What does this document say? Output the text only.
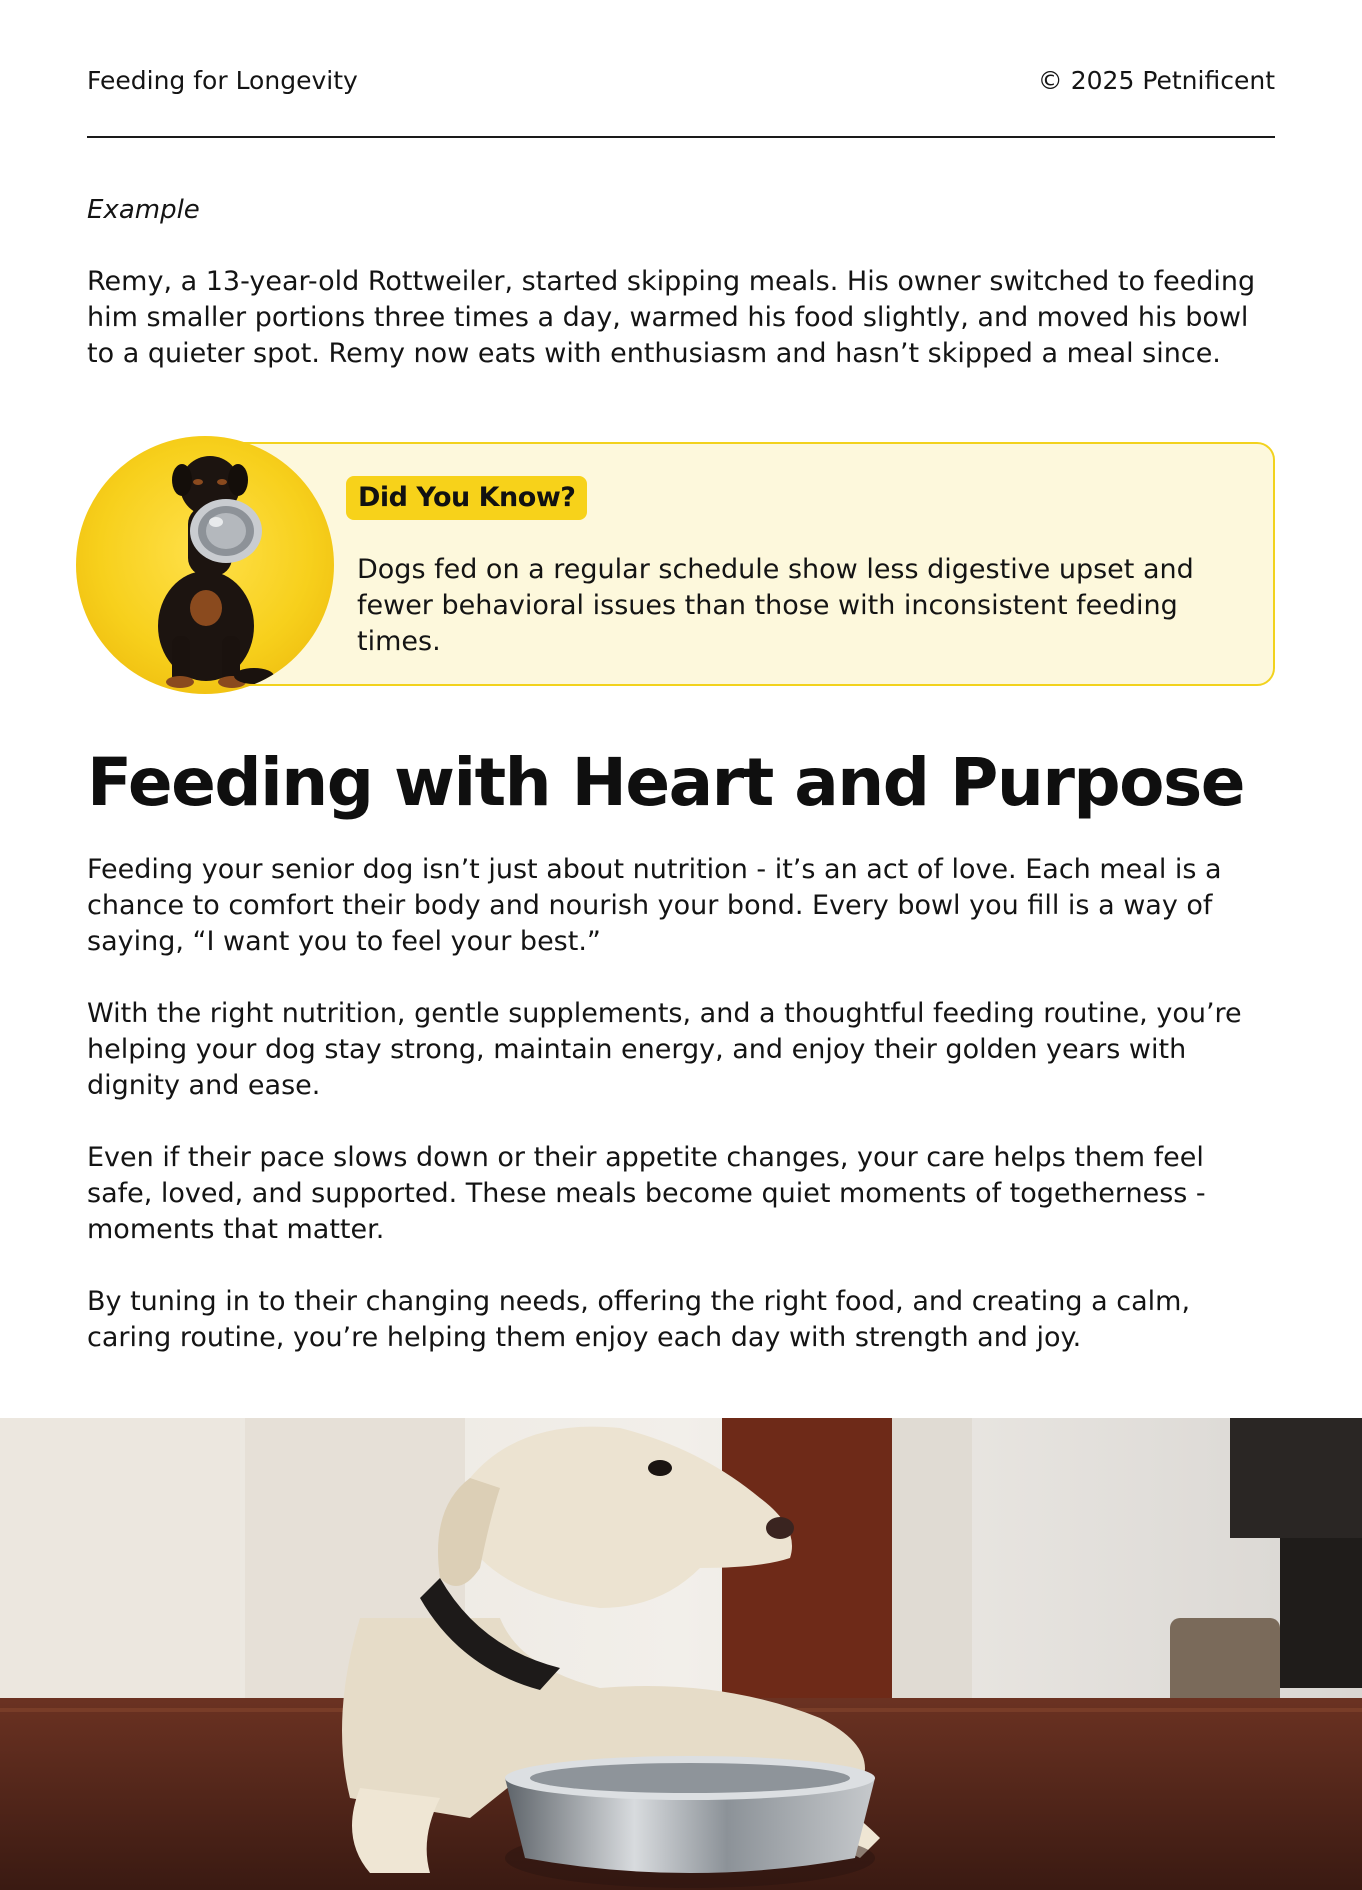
Feeding for Longevity	© 2025 Petnificent
Example
Remy, a 13-year-old Rottweiler, started skipping meals. His owner switched to feeding him smaller portions three times a day, warmed his food slightly, and moved his bowl to a quieter spot. Remy now eats with enthusiasm and hasn’t skipped a meal since.
Did You Know?
Dogs fed on a regular schedule show less digestive upset and fewer behavioral issues than those with inconsistent feeding times.
Feeding with Heart and Purpose
Feeding your senior dog isn’t just about nutrition - it’s an act of love. Each meal is a chance to comfort their body and nourish your bond. Every bowl you fill is a way of saying, “I want you to feel your best.”
With the right nutrition, gentle supplements, and a thoughtful feeding routine, you’re helping your dog stay strong, maintain energy, and enjoy their golden years with dignity and ease.
Even if their pace slows down or their appetite changes, your care helps them feel safe, loved, and supported. These meals become quiet moments of togetherness - moments that matter.
By tuning in to their changing needs, offering the right food, and creating a calm, caring routine, you’re helping them enjoy each day with strength and joy.
